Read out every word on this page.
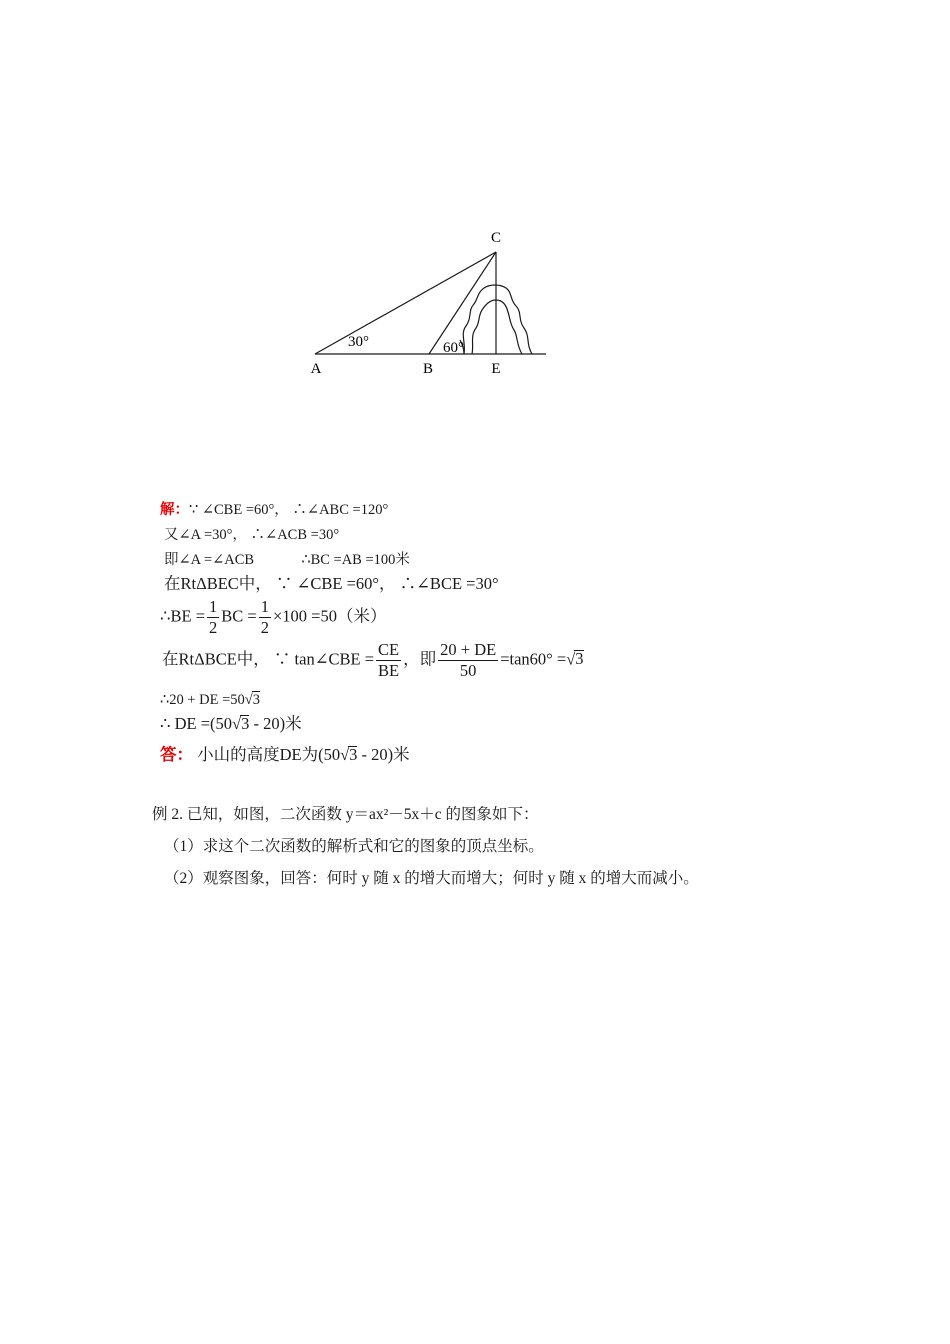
C
A	B	E
30°	60°
解：∵ ∠CBE =60°， ∴∠ABC =120°
又∠A =30°， ∴∠ACB =30°
即∠A =∠ACB	∴BC =AB =100米
在RtΔBEC中， ∵ ∠CBE =60°， ∴∠BCE =30°
∴BE = $\frac{1}{2}$ BC = $\frac{1}{2} \times 100 =50$（米）
在RtΔBCE中， ∵ tan∠CBE = $\frac{CE}{BE}$ ，即 $\frac{20 + DE}{50} =\tan 60^\circ =√3$
∴20 + DE =50√3
∴ DE =(50√3 - 20)米
答： 小山的高度DE为(50√3 - 20)米
例 2. 已知，如图，二次函数 y＝ax²－5x＋c 的图象如下：
（1）求这个二次函数的解析式和它的图象的顶点坐标。
（2）观察图象，回答：何时 y 随 x 的增大而增大；何时 y 随 x 的增大而减小。
